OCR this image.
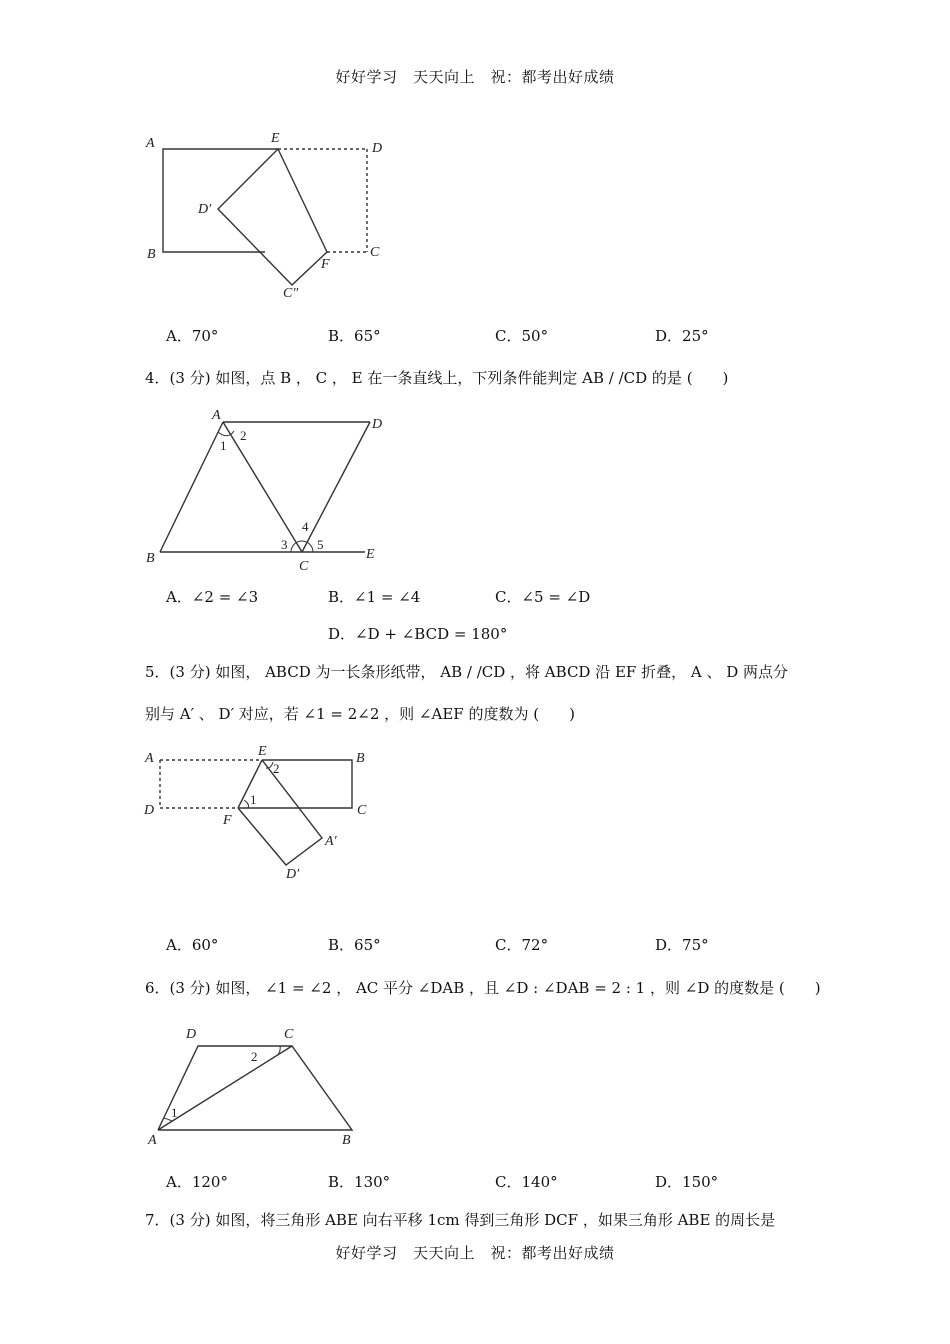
好好学习　天天向上　祝：都考出好成绩
A	E
D
D′
B	C
F
C″
A．70°	B．65°	C．50°	D．25°
4．(3 分) 如图，点 B ， C ， E 在一条直线上，下列条件能判定 AB / /CD 的是 (　　)
A
D
B
C
E
1
2
3
4
5
A．∠2 = ∠3	B．∠1 = ∠4	C．∠5 = ∠D
D．∠D + ∠BCD = 180°
5．(3 分) 如图， ABCD 为一长条形纸带， AB / /CD ，将 ABCD 沿 EF 折叠， A 、 D 两点分
别与 A′ 、 D′ 对应，若 ∠1 = 2∠2 ，则 ∠AEF 的度数为 (　　)
A	E	B
D
F
C
A′
D′
1
2
A．60°	B．65°	C．72°	D．75°
6．(3 分) 如图， ∠1 = ∠2 ， AC 平分 ∠DAB ，且 ∠D : ∠DAB = 2 : 1 ，则 ∠D 的度数是 (　　)
D	C
A	B
1
2
A．120°	B．130°	C．140°	D．150°
7．(3 分) 如图，将三角形 ABE 向右平移 1cm 得到三角形 DCF ，如果三角形 ABE 的周长是
好好学习　天天向上　祝：都考出好成绩
